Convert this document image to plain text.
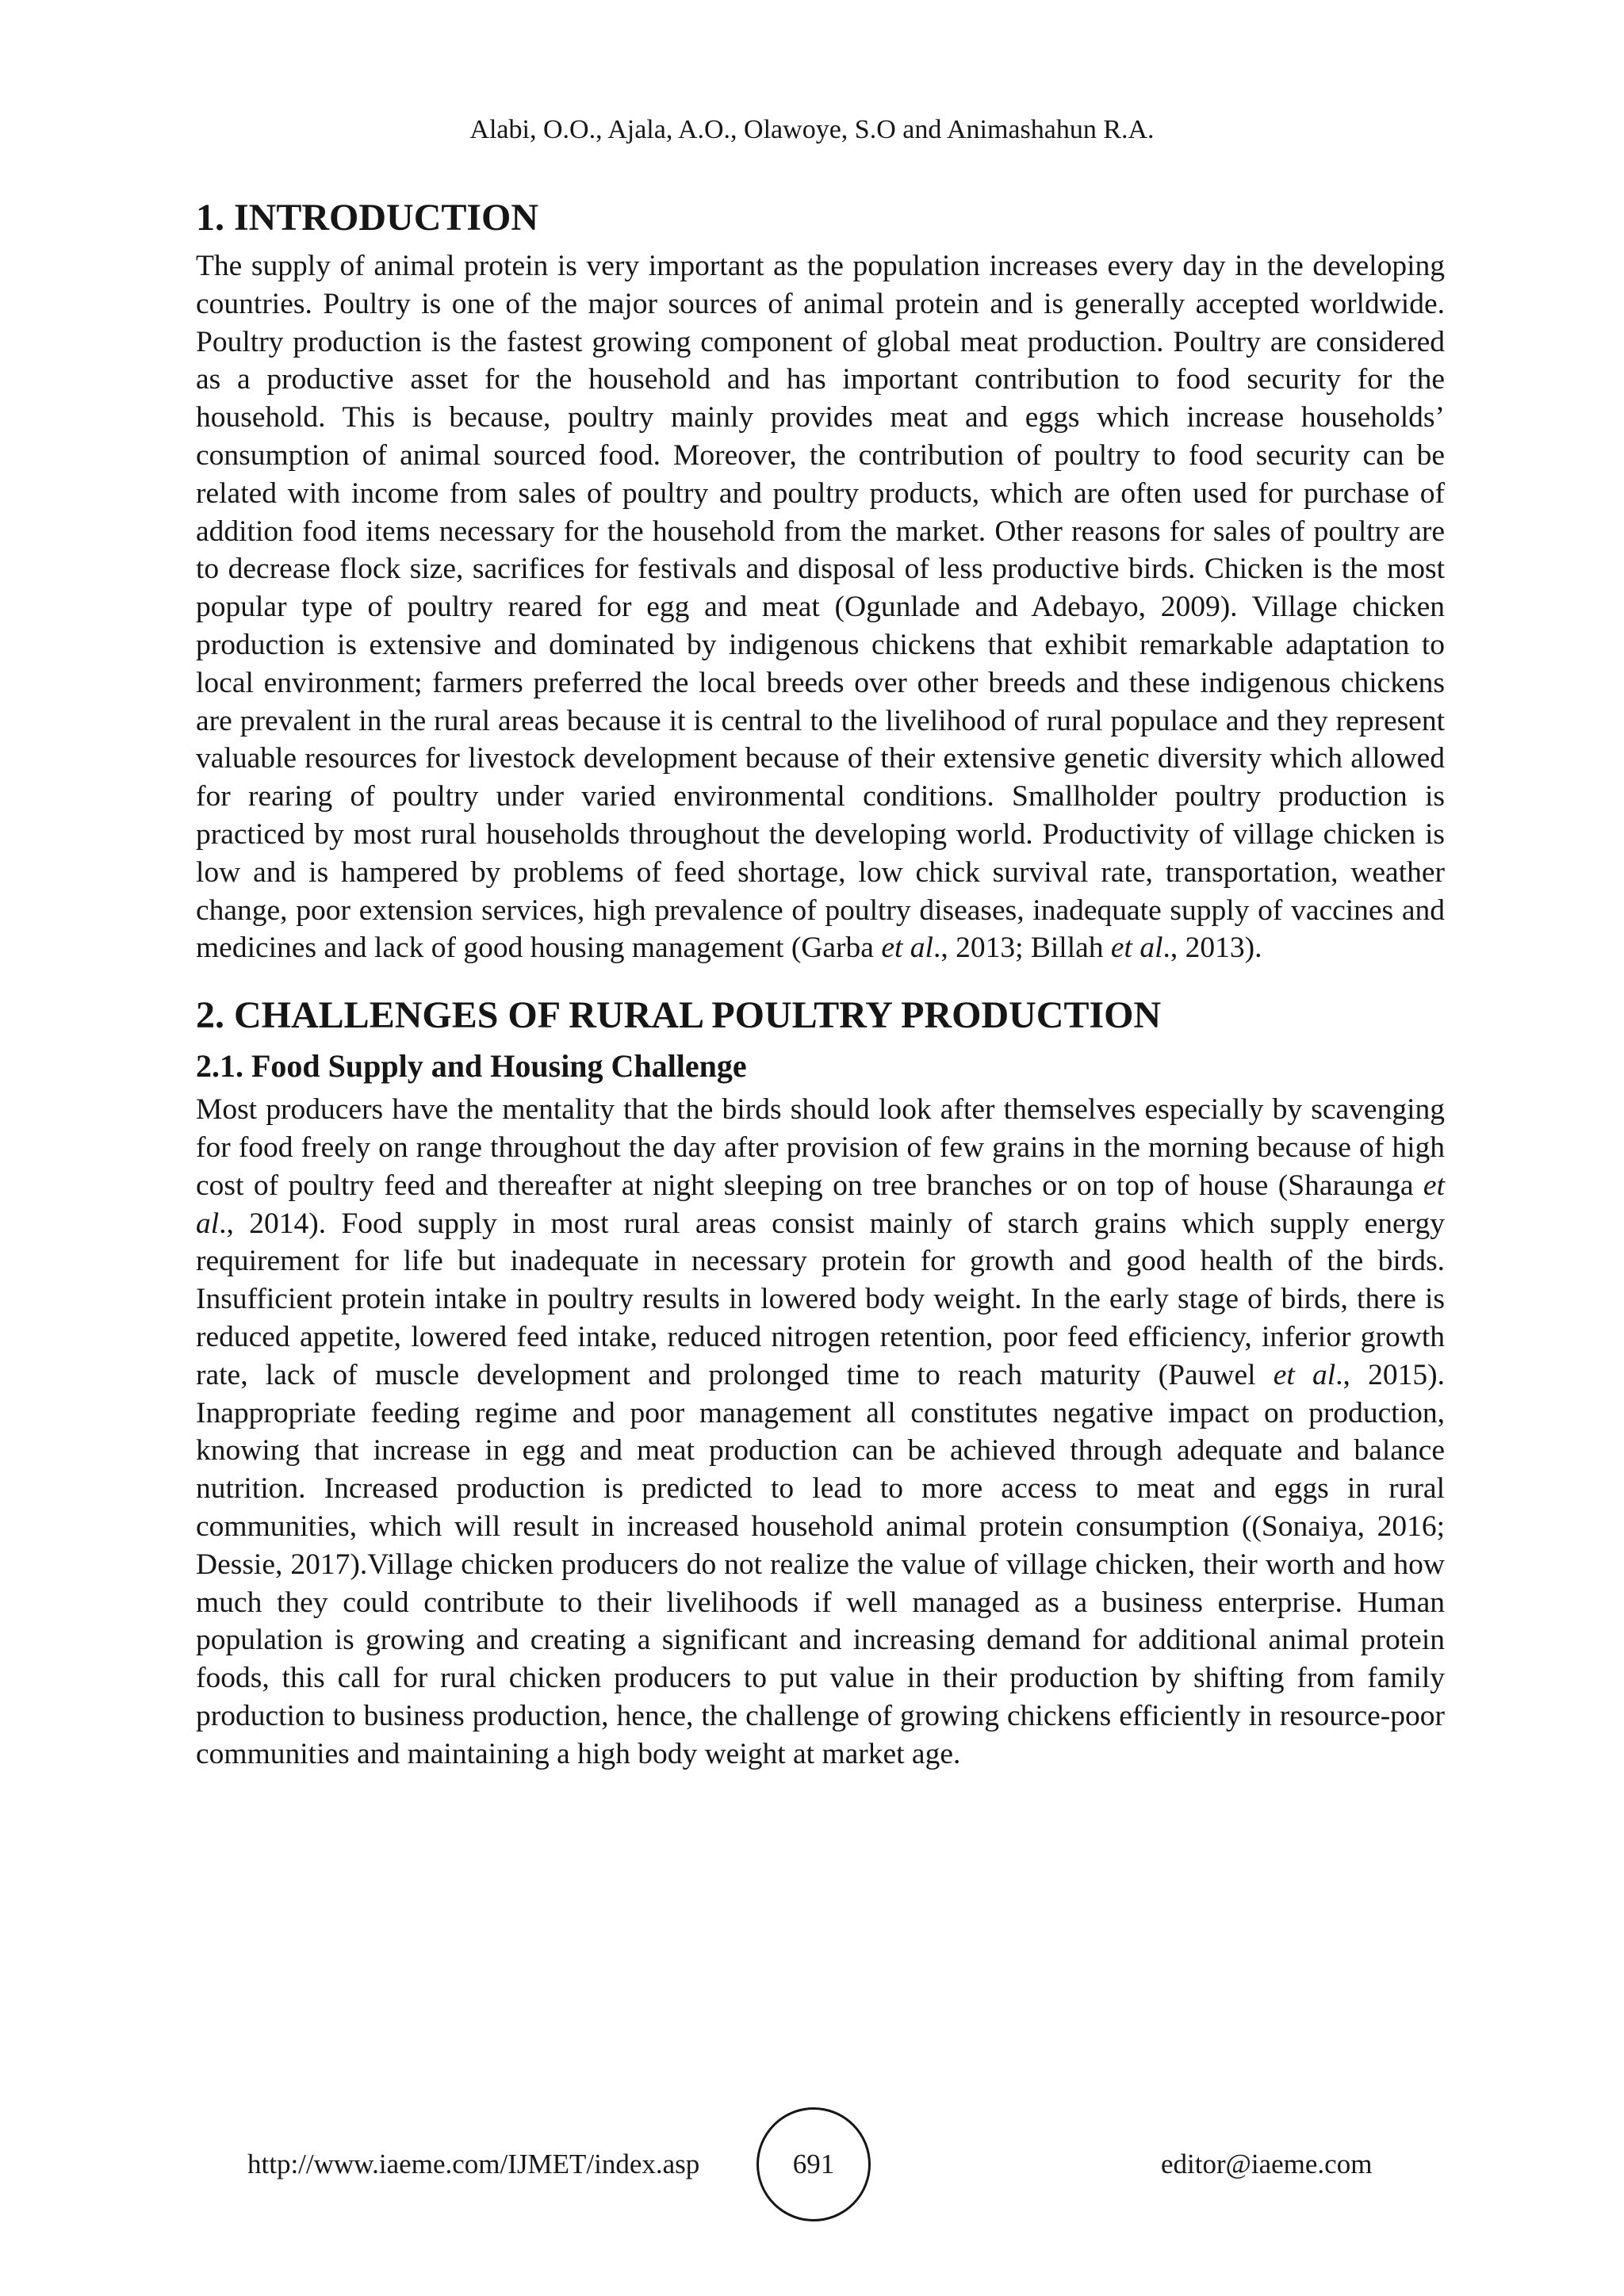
Alabi, O.O., Ajala, A.O., Olawoye, S.O and Animashahun R.A.
1. INTRODUCTION

The supply of animal protein is very important as the population increases every day in the developing countries. Poultry is one of the major sources of animal protein and is generally accepted worldwide. Poultry production is the fastest growing component of global meat production. Poultry are considered as a productive asset for the household and has important contribution to food security for the household. This is because, poultry mainly provides meat and eggs which increase households’ consumption of animal sourced food. Moreover, the contribution of poultry to food security can be related with income from sales of poultry and poultry products, which are often used for purchase of addition food items necessary for the household from the market. Other reasons for sales of poultry are to decrease flock size, sacrifices for festivals and disposal of less productive birds. Chicken is the most popular type of poultry reared for egg and meat (Ogunlade and Adebayo, 2009). Village chicken production is extensive and dominated by indigenous chickens that exhibit remarkable adaptation to local environment; farmers preferred the local breeds over other breeds and these indigenous chickens are prevalent in the rural areas because it is central to the livelihood of rural populace and they represent valuable resources for livestock development because of their extensive genetic diversity which allowed for rearing of poultry under varied environmental conditions. Smallholder poultry production is practiced by most rural households throughout the developing world. Productivity of village chicken is low and is hampered by problems of feed shortage, low chick survival rate, transportation, weather change, poor extension services, high prevalence of poultry diseases, inadequate supply of vaccines and medicines and lack of good housing management (Garba et al., 2013; Billah et al., 2013).

2. CHALLENGES OF RURAL POULTRY PRODUCTION
2.1. Food Supply and Housing Challenge

Most producers have the mentality that the birds should look after themselves especially by scavenging for food freely on range throughout the day after provision of few grains in the morning because of high cost of poultry feed and thereafter at night sleeping on tree branches or on top of house (Sharaunga et al., 2014). Food supply in most rural areas consist mainly of starch grains which supply energy requirement for life but inadequate in necessary protein for growth and good health of the birds. Insufficient protein intake in poultry results in lowered body weight. In the early stage of birds, there is reduced appetite, lowered feed intake, reduced nitrogen retention, poor feed efficiency, inferior growth rate, lack of muscle development and prolonged time to reach maturity (Pauwel et al., 2015). Inappropriate feeding regime and poor management all constitutes negative impact on production, knowing that increase in egg and meat production can be achieved through adequate and balance nutrition. Increased production is predicted to lead to more access to meat and eggs in rural communities, which will result in increased household animal protein consumption ((Sonaiya, 2016; Dessie, 2017).Village chicken producers do not realize the value of village chicken, their worth and how much they could contribute to their livelihoods if well managed as a business enterprise. Human population is growing and creating a significant and increasing demand for additional animal protein foods, this call for rural chicken producers to put value in their production by shifting from family production to business production, hence, the challenge of growing chickens efficiently in resource-poor communities and maintaining a high body weight at market age.

http://www.iaeme.com/IJMET/index.asp	691	editor@iaeme.com
